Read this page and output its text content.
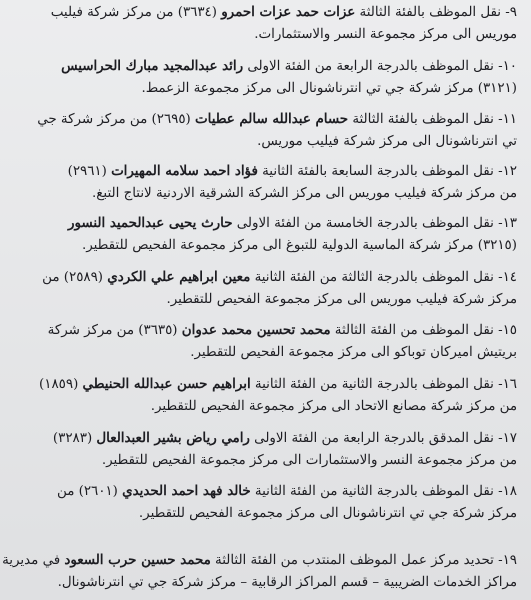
٩- نقل الموظف بالفئة الثالثة عزات حمد عزات احمرو (٣٦٣٤) من مركز شركة فيليب
موريس الى مركز مجموعة النسر والاستثمارات.
١٠- نقل الموظف بالدرجة الرابعة من الفئة الاولى رائد عبدالمجيد مبارك الحراسيس
(٣١٢١) مركز شركة جي تي انترناشونال الى مركز مجموعة الزعمط.
١١- نقل الموظف بالفئة الثالثة حسام عبدالله سالم عطيات (٢٦٩٥) من مركز شركة جي
تي انترناشونال الى مركز شركة فيليب موريس.
١٢- نقل الموظف بالدرجة السابعة بالفئة الثانية فؤاد احمد سلامه المهيرات (٢٩٦١)
من مركز شركة فيليب موريس الى مركز الشركة الشرقية الاردنية لانتاج التبغ.
١٣- نقل الموظف بالدرجة الخامسة من الفئة الاولى حارث يحيى عبدالحميد النسور
(٣٢١٥) مركز شركة الماسية الدولية للتبوغ الى مركز مجموعة الفحيص للتقطير.
١٤- نقل الموظف بالدرجة الثالثة من الفئة الثانية معين ابراهيم علي الكردي (٢٥٨٩) من
مركز شركة فيليب موريس الى مركز مجموعة الفحيص للتقطير.
١٥- نقل الموظف من الفئة الثالثة محمد تحسين محمد عدوان (٣٦٣٥) من مركز شركة
بريتيش اميركان توباكو الى مركز مجموعة الفحيص للتقطير.
١٦- نقل الموظف بالدرجة الثانية من الفئة الثانية ابراهيم حسن عبدالله الحنيطي (١٨٥٩)
من مركز شركة مصانع الاتحاد الى مركز مجموعة الفحيص للتقطير.
١٧- نقل المدقق بالدرجة الرابعة من الفئة الاولى رامي رياض بشير العبدالعال (٣٢٨٣)
من مركز مجموعة النسر والاستثمارات الى مركز مجموعة الفحيص للتقطير.
١٨- نقل الموظف بالدرجة الثانية من الفئة الثانية خالد فهد احمد الحديدي (٢٦٠١) من
مركز شركة جي تي انترناشونال الى مركز مجموعة الفحيص للتقطير.
١٩- تحديد مركز عمل الموظف المنتدب من الفئة الثالثة محمد حسين حرب السعود في مديرية
مراكز الخدمات الضريبية – قسم المراكز الرقابية – مركز شركة جي تي انترناشونال.
